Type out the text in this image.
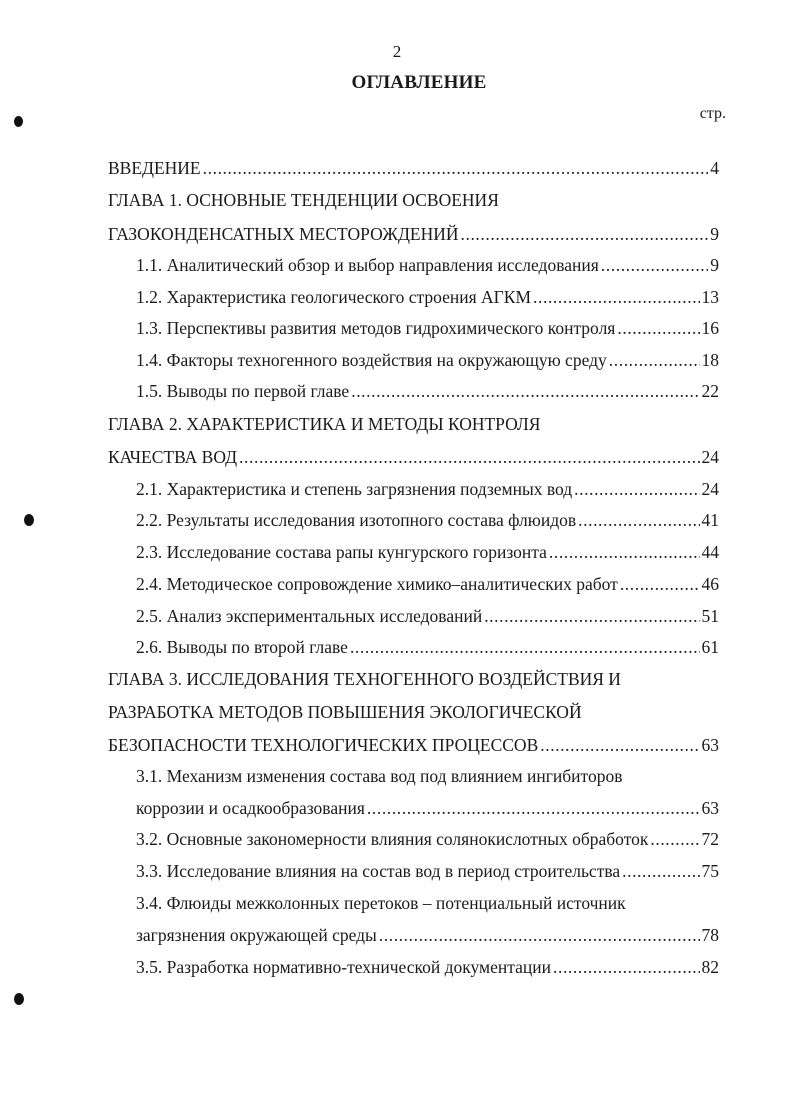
2
ОГЛАВЛЕНИЕ
стр.
ВВЕДЕНИЕ .....	4
ГЛАВА 1. ОСНОВНЫЕ ТЕНДЕНЦИИ ОСВОЕНИЯ
ГАЗОКОНДЕНСАТНЫХ МЕСТОРОЖДЕНИЙ .....	9
1.1. Аналитический обзор и выбор направления исследования .....	9
1.2. Характеристика геологического строения АГКМ .....	13
1.3. Перспективы развития методов гидрохимического контроля .....	16
1.4. Факторы техногенного воздействия на окружающую среду .....	18
1.5. Выводы по первой главе .....	22
ГЛАВА 2. ХАРАКТЕРИСТИКА И МЕТОДЫ КОНТРОЛЯ
КАЧЕСТВА ВОД .....	24
2.1. Характеристика и степень загрязнения подземных вод .....	24
2.2. Результаты исследования изотопного состава флюидов .....	41
2.3. Исследование состава рапы кунгурского горизонта .....	44
2.4. Методическое сопровождение химико–аналитических работ .....	46
2.5. Анализ экспериментальных исследований .....	51
2.6. Выводы по второй главе .....	61
ГЛАВА 3. ИССЛЕДОВАНИЯ ТЕХНОГЕННОГО ВОЗДЕЙСТВИЯ И
РАЗРАБОТКА МЕТОДОВ ПОВЫШЕНИЯ ЭКОЛОГИЧЕСКОЙ
БЕЗОПАСНОСТИ ТЕХНОЛОГИЧЕСКИХ ПРОЦЕССОВ .....	63
3.1. Механизм изменения состава вод под влиянием ингибиторов
коррозии и осадкообразования .....	63
3.2. Основные закономерности влияния солянокислотных обработок .....	72
3.3. Исследование влияния на состав вод в период строительства .....	75
3.4. Флюиды межколонных перетоков – потенциальный источник
загрязнения окружающей среды .....	78
3.5. Разработка нормативно-технической документации .....	82
